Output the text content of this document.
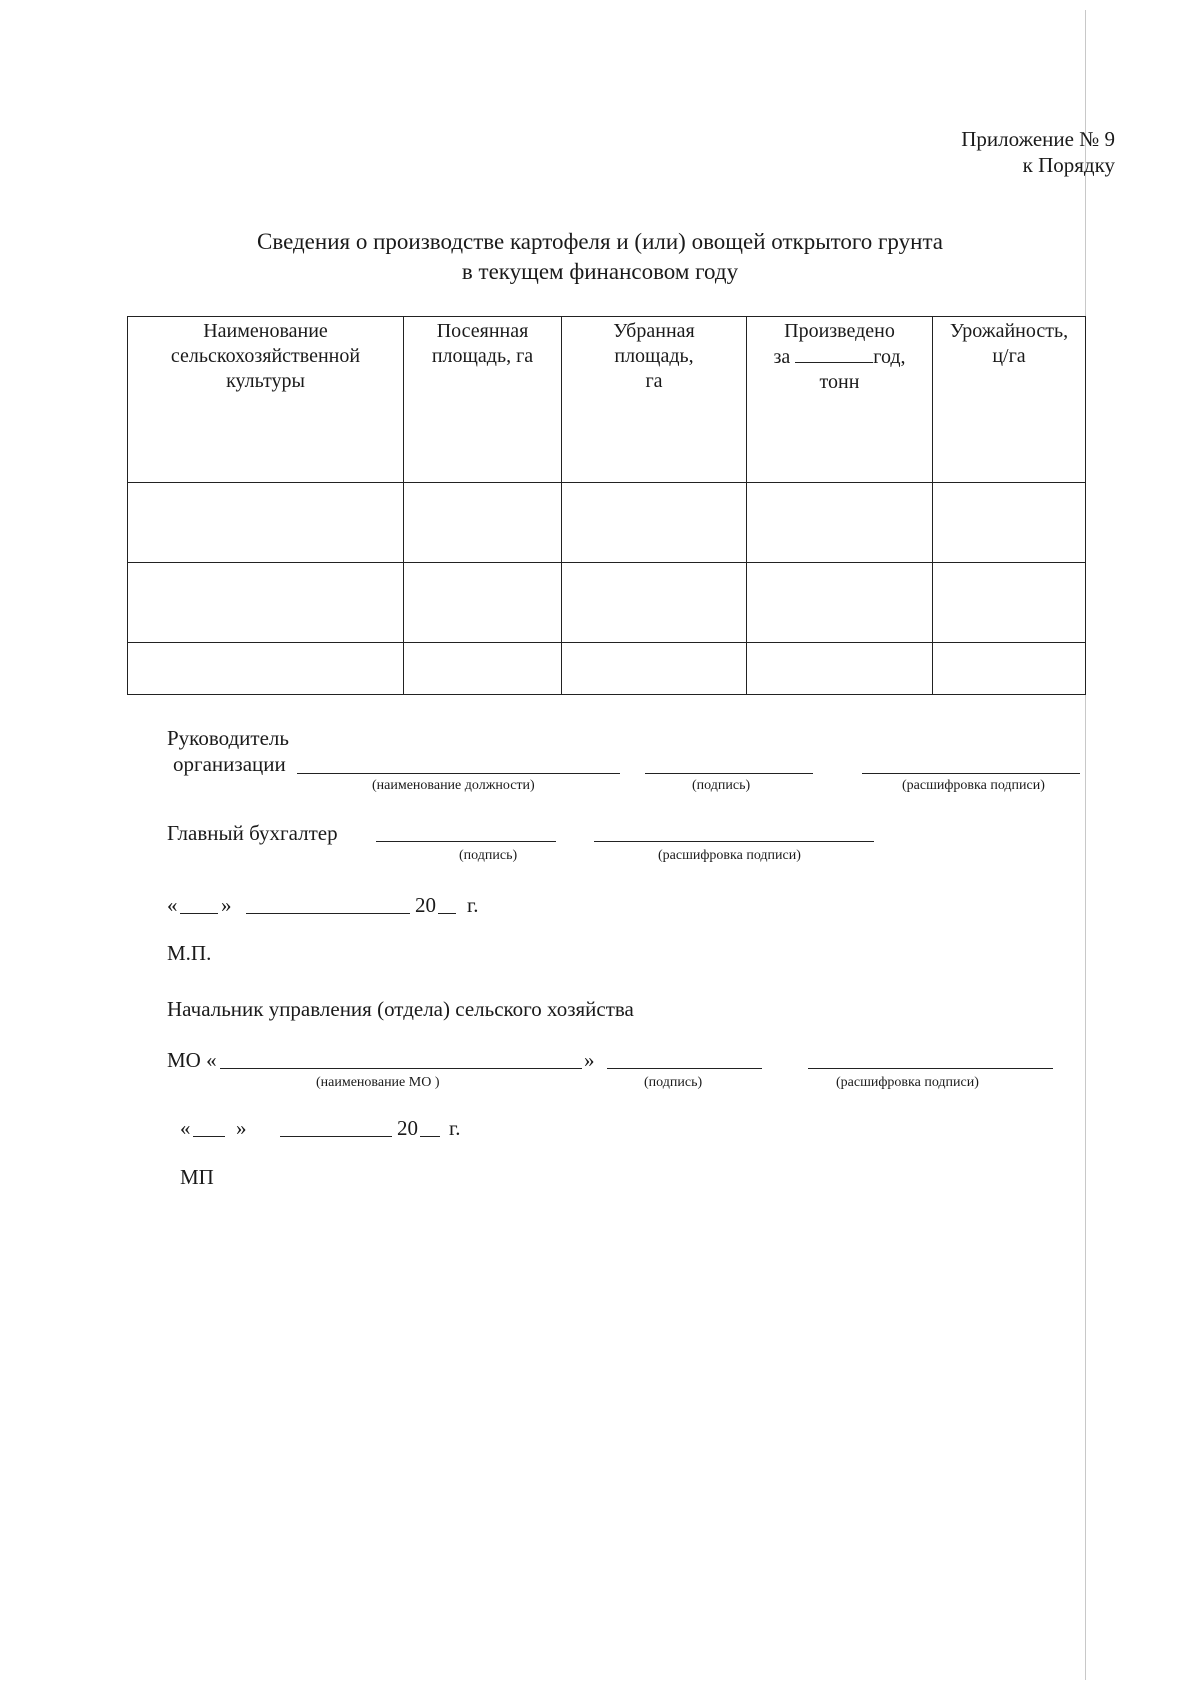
Приложение № 9
к Порядку
Сведения о производстве картофеля и (или) овощей открытого грунта
в текущем финансовом году
Наименование
сельскохозяйственной
культуры	Посеянная
площадь, га	Убранная
площадь,
га	Произведено
за год,
тонн	Урожайность,
ц/га

Руководитель
организации
(наименование должности)	(подпись)	(расшифровка подписи)
Главный бухгалтер
(подпись)	(расшифровка подписи)
« »	20 г.
М.П.
Начальник управления (отдела) сельского хозяйства
МО «	»
(наименование МО )	(подпись)	(расшифровка подписи)
« »	20 г.
МП
